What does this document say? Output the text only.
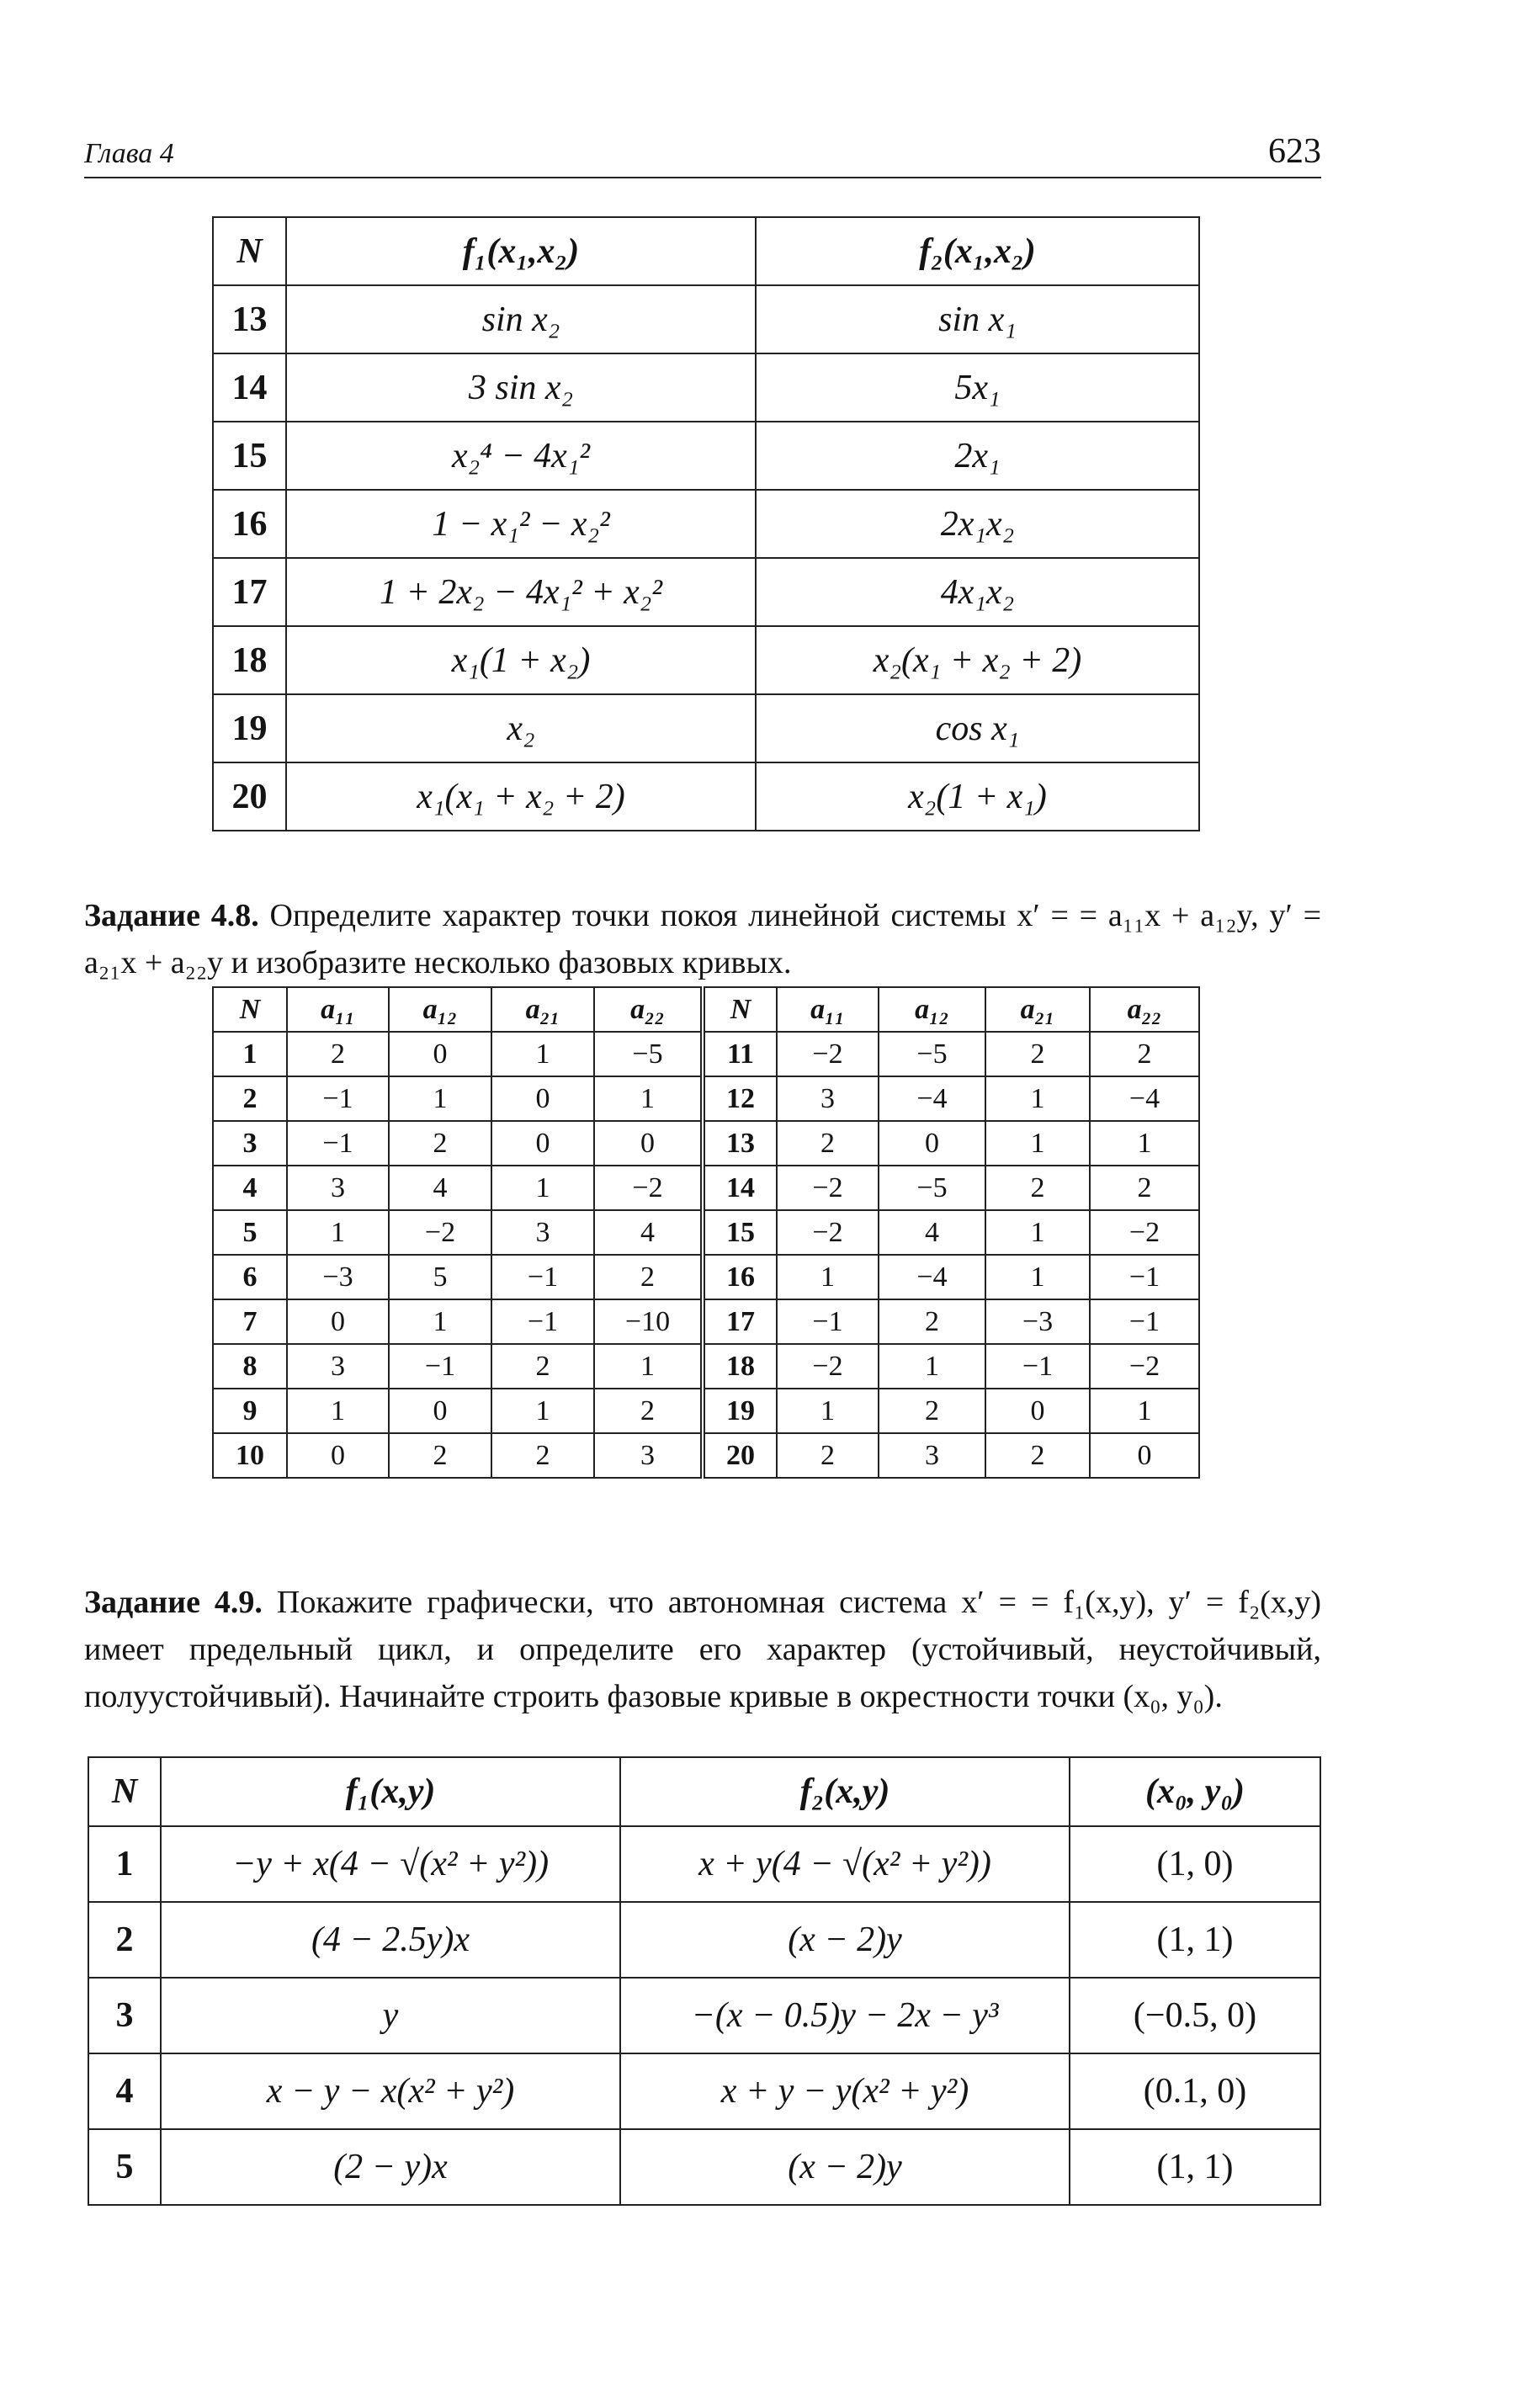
Глава 4	623
N	f₁(x₁,x₂)	f₂(x₁,x₂)
13	sin x₂	sin x₁
14	3 sin x₂	5x₁
15	x₂⁴ − 4x₁²	2x₁
16	1 − x₁² − x₂²	2x₁x₂
17	1 + 2x₂ − 4x₁² + x₂²	4x₁x₂
18	x₁(1 + x₂)	x₂(x₁ + x₂ + 2)
19	x₂	cos x₁
20	x₁(x₁ + x₂ + 2)	x₂(1 + x₁)

Задание 4.8. Определите характер точки покоя линейной системы x′ = = a₁₁x + a₁₂y, y′ = a₂₁x + a₂₂y и изобразите несколько фазовых кривых.

N	a₁₁	a₁₂	a₂₁	a₂₂	N	a₁₁	a₁₂	a₂₁	a₂₂
1	2	0	1	−5	11	−2	−5	2	2
2	−1	1	0	1	12	3	−4	1	−4
3	−1	2	0	0	13	2	0	1	1
4	3	4	1	−2	14	−2	−5	2	2
5	1	−2	3	4	15	−2	4	1	−2
6	−3	5	−1	2	16	1	−4	1	−1
7	0	1	−1	−10	17	−1	2	−3	−1
8	3	−1	2	1	18	−2	1	−1	−2
9	1	0	1	2	19	1	2	0	1
10	0	2	2	3	20	2	3	2	0

Задание 4.9. Покажите графически, что автономная система x′ = = f₁(x,y), y′ = f₂(x,y) имеет предельный цикл, и определите его характер (устойчивый, неустойчивый, полуустойчивый). Начинайте строить фазовые кривые в окрестности точки (x₀, y₀).

N	f₁(x,y)	f₂(x,y)	(x₀, y₀)
1	−y + x(4 − √(x² + y²))	x + y(4 − √(x² + y²))	(1, 0)
2	(4 − 2.5y)x	(x − 2)y	(1, 1)
3	y	−(x − 0.5)y − 2x − y³	(−0.5, 0)
4	x − y − x(x² + y²)	x + y − y(x² + y²)	(0.1, 0)
5	(2 − y)x	(x − 2)y	(1, 1)
